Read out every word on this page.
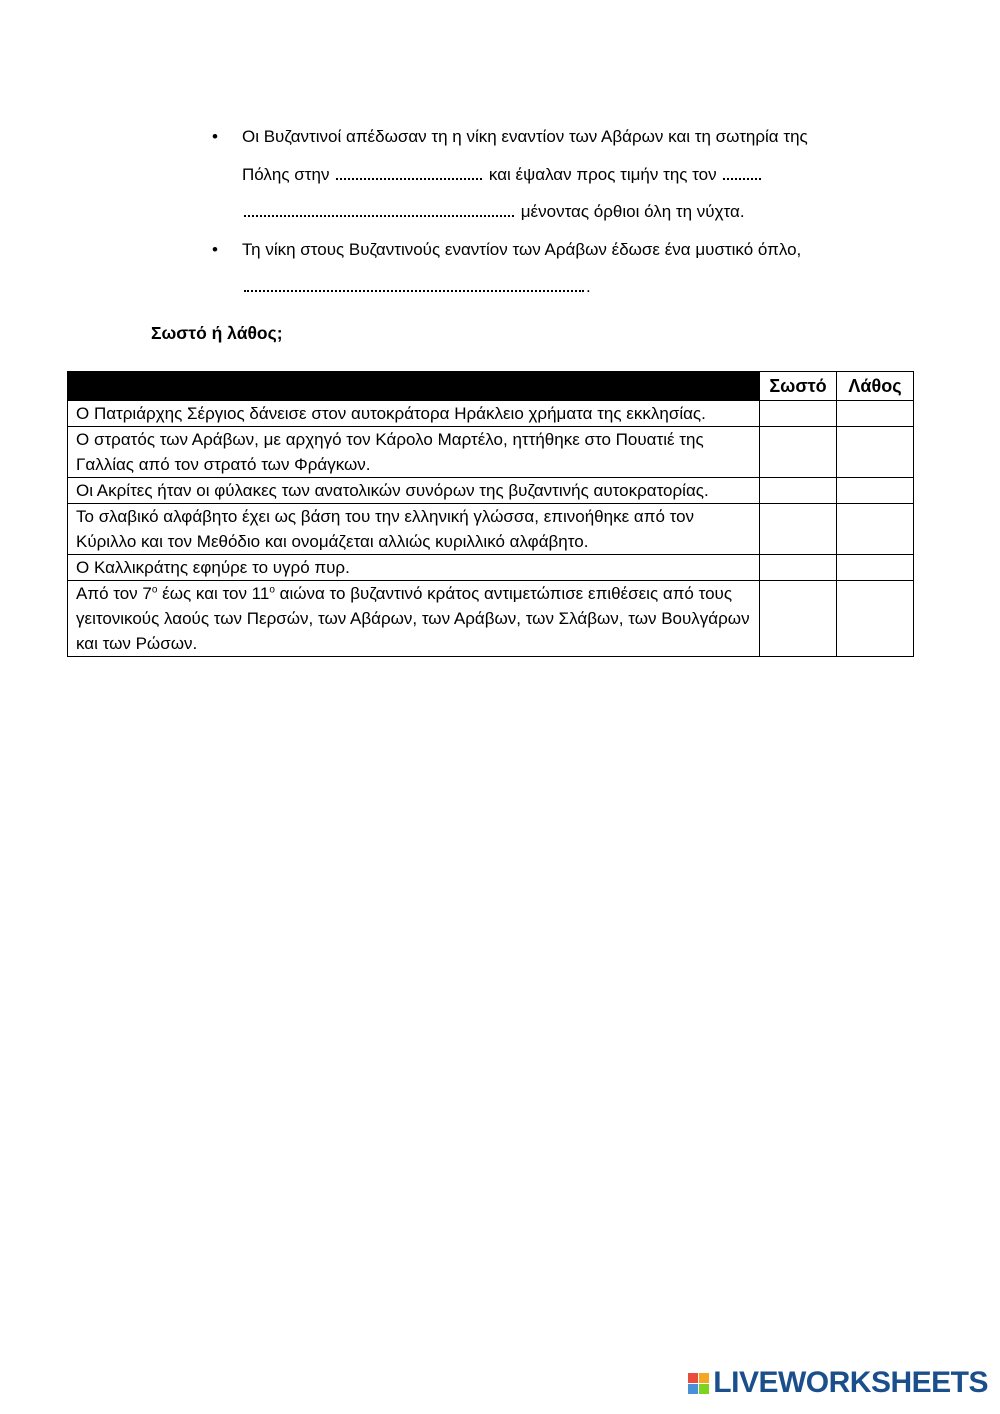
• Οι Βυζαντινοί απέδωσαν τη η νίκη εναντίον των Αβάρων και τη σωτηρία της Πόλης στην	και έψαλαν προς τιμήν της τον   μένοντας όρθιοι όλη τη νύχτα.
• Τη νίκη στους Βυζαντινούς εναντίον των Αράβων έδωσε ένα μυστικό όπλο, .
Σωστό ή λάθος;
	Σωστό	Λάθος
Ο Πατριάρχης Σέργιος δάνεισε στον αυτοκράτορα Ηράκλειο χρήματα της εκκλησίας.		
Ο στρατός των Αράβων, με αρχηγό τον Κάρολο Μαρτέλο, ηττήθηκε στο Πουατιέ της Γαλλίας από τον στρατό των Φράγκων.		
Οι Ακρίτες ήταν οι φύλακες των ανατολικών συνόρων της βυζαντινής αυτοκρατορίας.		
Το σλαβικό αλφάβητο έχει ως βάση του την ελληνική γλώσσα, επινοήθηκε από τον Κύριλλο και τον Μεθόδιο και ονομάζεται αλλιώς κυριλλικό αλφάβητο.		
Ο Καλλικράτης εφηύρε το υγρό πυρ.		
Από τον $7^o$ έως και τον $11^o$ αιώνα το βυζαντινό κράτος αντιμετώπισε επιθέσεις από τους γειτονικούς λαούς των Περσών, των Αβάρων, των Αράβων, των Σλάβων, των Βουλγάρων και των Ρώσων.		
LIVEWORKSHEETS
